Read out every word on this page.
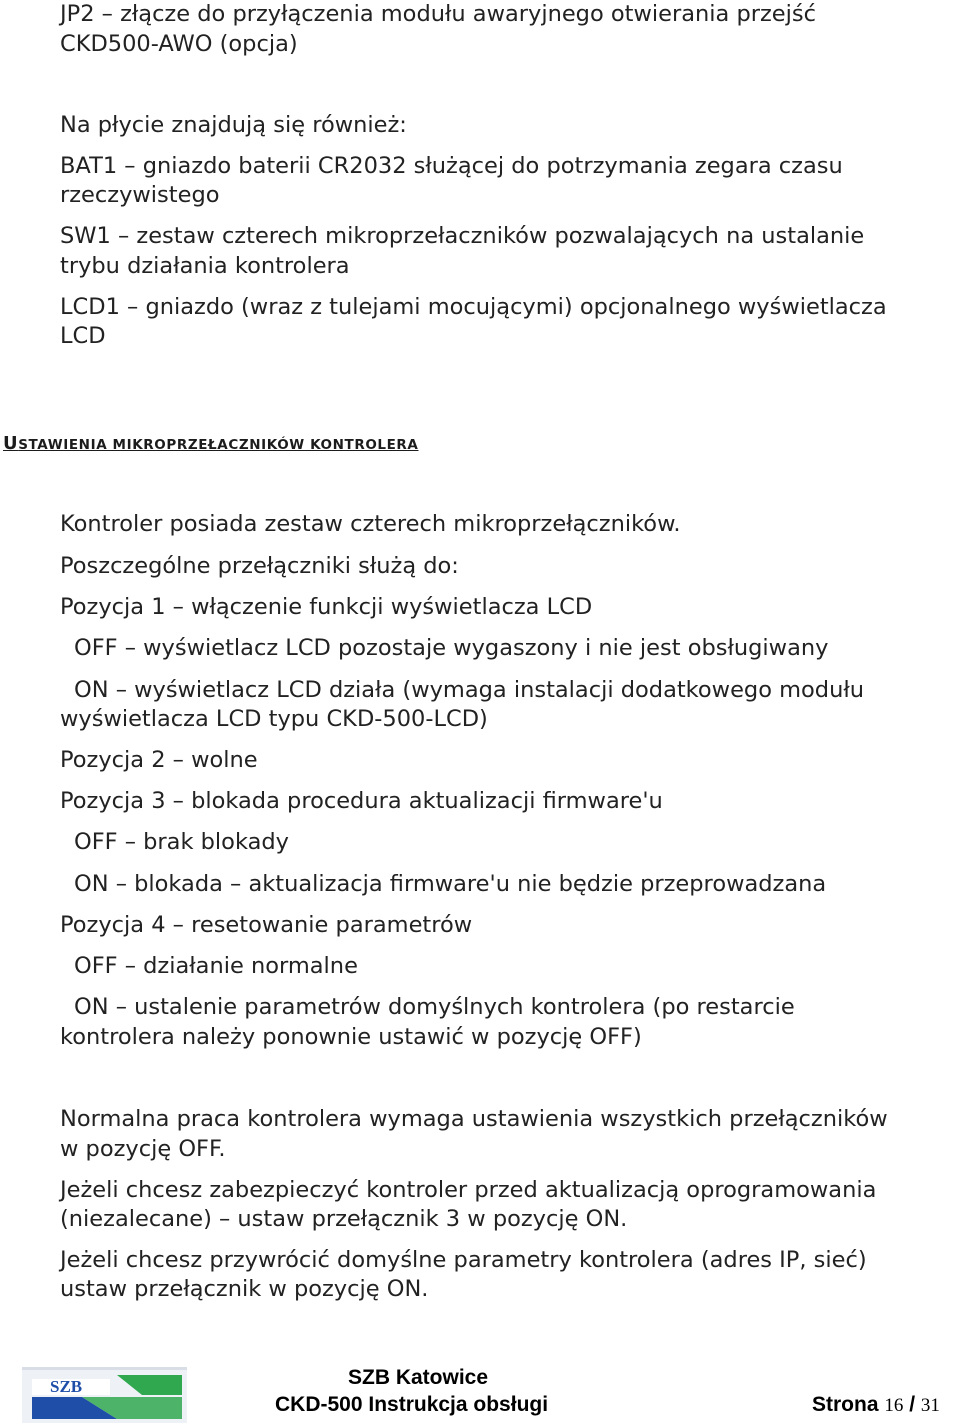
JP2 – złącze do przyłączenia modułu awaryjnego otwierania przejść

CKD500-AWO (opcja)

Na płycie znajdują się również:

BAT1 – gniazdo baterii CR2032 służącej do potrzymania zegara czasu

rzeczywistego

SW1 – zestaw czterech mikroprzełaczników pozwalających na ustalanie

trybu działania kontrolera

LCD1 – gniazdo (wraz z tulejami mocującymi) opcjonalnego wyświetlacza

LCD

USTAWIENIA MIKROPRZEŁACZNIKÓW KONTROLERA

Kontroler posiada zestaw czterech mikroprzełączników.

Poszczególne przełączniki służą do:

Pozycja 1 – włączenie funkcji wyświetlacza LCD

OFF – wyświetlacz LCD pozostaje wygaszony i nie jest obsługiwany

ON – wyświetlacz LCD działa (wymaga instalacji dodatkowego modułu

wyświetlacza LCD typu CKD-500-LCD)

Pozycja 2 – wolne

Pozycja 3 – blokada procedura aktualizacji firmware'u

OFF – brak blokady

ON – blokada – aktualizacja firmware'u nie będzie przeprowadzana

Pozycja 4 – resetowanie parametrów

OFF – działanie normalne

ON – ustalenie parametrów domyślnych kontrolera (po restarcie

kontrolera należy ponownie ustawić w pozycję OFF)

Normalna praca kontrolera wymaga ustawienia wszystkich przełączników

w pozycję OFF.

Jeżeli chcesz zabezpieczyć kontroler przed aktualizacją oprogramowania

(niezalecane) – ustaw przełącznik 3 w pozycję ON.

Jeżeli chcesz przywrócić domyślne parametry kontrolera (adres IP, sieć)

ustaw przełącznik w pozycję ON.

SZB	SZB Katowice

CKD-500 Instrukcja obsługi	Strona 16 / 31
